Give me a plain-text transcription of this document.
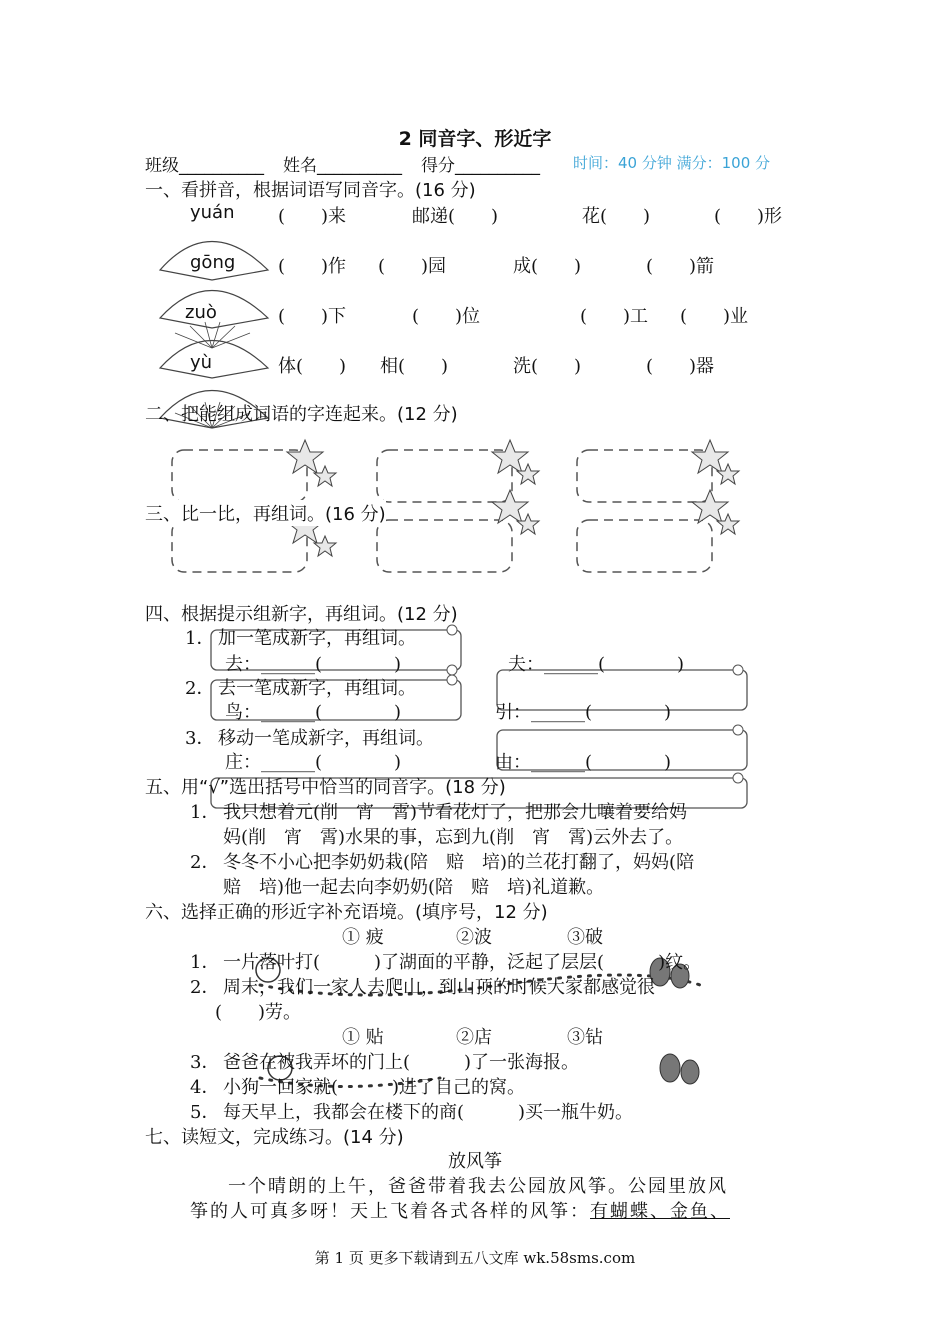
2 同音字、形近字
班级__________ 姓名__________ 得分__________ 时间：40 分钟 满分：100 分
一、看拼音，根据词语写同音字。(16 分)
yuán (　　)来	邮递(　　)	花(　　)	(　　)形
gōng (　　)作 (　　)园	成(　　)	(　　)箭
zuò	(　　)下	(　　)位	(　　)工 (　　)业
yù	体(　　) 相(　　)	洗(　　)	(　　)器
二、把能组成词语的字连起来。(12 分)
三、比一比，再组词。(16 分)
四、根据提示组新字，再组词。(12 分)
1． 加一笔成新字，再组词。
去：______(　　　　)	夫：______(　　　　)
2． 去一笔成新字，再组词。
鸟：______(　　　　)	引：______(　　　　)
3． 移动一笔成新字，再组词。
庄：______(　　　　)	由：______(　　　　)
五、用“√”选出括号中恰当的同音字。(18 分)
1． 我只想着元(削　宵　霄)节看花灯了，把那会儿嚷着要给妈
妈(削　宵　霄)水果的事，忘到九(削　宵　霄)云外去了。
2． 冬冬不小心把李奶奶栽(陪　赔　培)的兰花打翻了，妈妈(陪
赔　培)他一起去向李奶奶(陪　赔　培)礼道歉。
六、选择正确的形近字补充语境。(填序号，12 分)
① 疲	②波	③破
1． 一片落叶打(　　　)了湖面的平静，泛起了层层(　　　)纹。
2． 周末，我们一家人去爬山，到山顶的时候大家都感觉很
(　　)劳。
① 贴	②店	③钻
3． 爸爸在被我弄坏的门上(　　　)了一张海报。
4． 小狗一回家就(　　　)进了自己的窝。
5． 每天早上，我都会在楼下的商(　　　)买一瓶牛奶。
七、读短文，完成练习。(14 分)
放风筝
一个晴朗的上午，爸爸带着我去公园放风筝。公园里放风
筝的人可真多呀！天上飞着各式各样的风筝：有蝴蝶、金鱼、
第 1 页 更多下载请到五八文库 wk.58sms.com
